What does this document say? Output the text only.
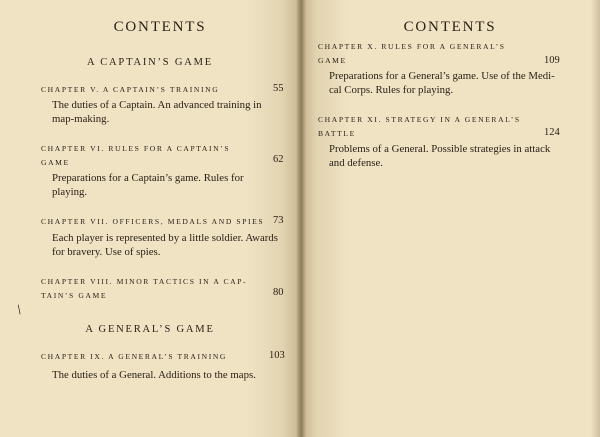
CONTENTS
A CAPTAIN’S GAME
CHAPTER V. A CAPTAIN’S TRAINING	55
The duties of a Captain. An advanced training in
map-making.
CHAPTER VI. RULES FOR A CAPTAIN’S
GAME	62
Preparations for a Captain’s game. Rules for
playing.
CHAPTER VII. OFFICERS, MEDALS AND SPIES 73
Each player is represented by a little soldier. Awards
for bravery. Use of spies.
CHAPTER VIII. MINOR TACTICS IN A CAP-
TAIN’S GAME	80
\
A GENERAL’S GAME
CHAPTER IX. A GENERAL’S TRAINING	103
The duties of a General. Additions to the maps.
CONTENTS
CHAPTER X. RULES FOR A GENERAL’S
GAME	109
Preparations for a General’s game. Use of the Medi-
cal Corps. Rules for playing.
CHAPTER XI. STRATEGY IN A GENERAL’S
BATTLE	124
Problems of a General. Possible strategies in attack
and defense.
